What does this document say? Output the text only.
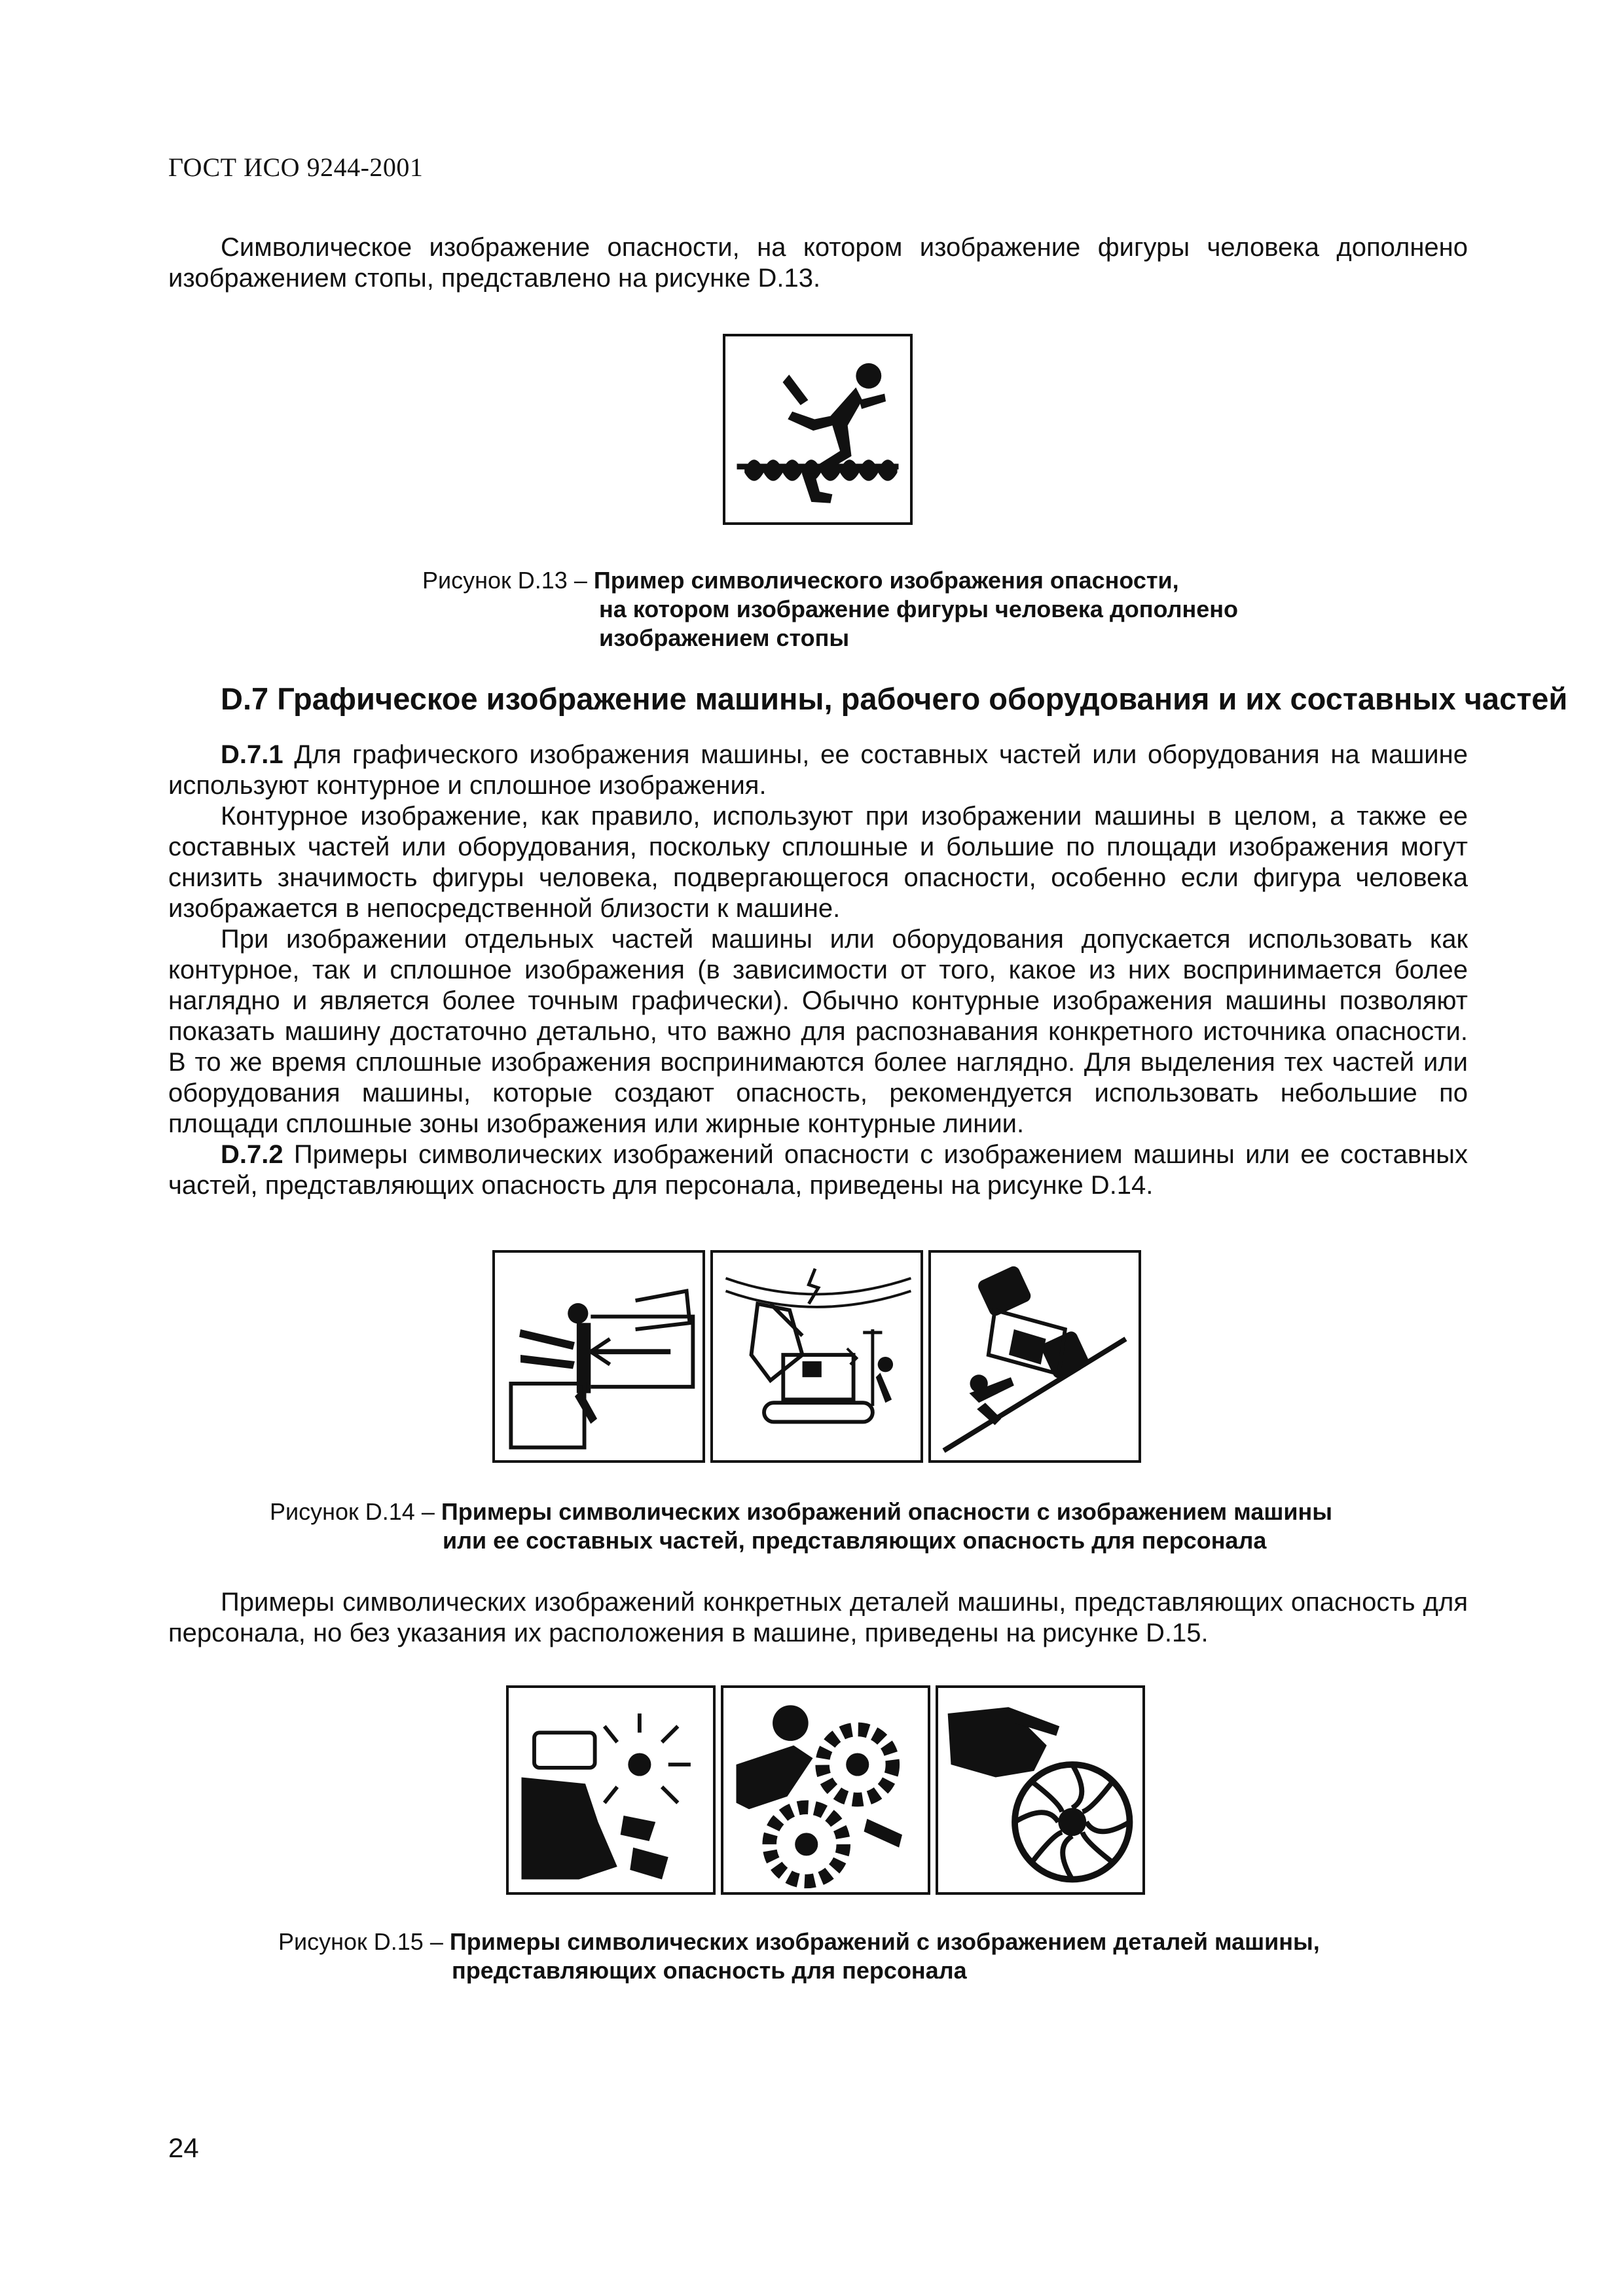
ГОСТ ИСО 9244-2001
Символическое изображение опасности, на котором изображение фигуры человека дополнено изображением стопы, представлено на рисунке D.13.
Рисунок D.13 – Пример символического изображения опасности,
на котором изображение фигуры человека дополнено
изображением стопы
D.7 Графическое изображение машины, рабочего оборудования и их составных частей
D.7.1 Для графического изображения машины, ее составных частей или оборудования на машине используют контурное и сплошное изображения.
Контурное изображение, как правило, используют при изображении машины в целом, а также ее составных частей или оборудования, поскольку сплошные и большие по площади изображения могут снизить значимость фигуры человека, подвергающегося опасности, особенно если фигура человека изображается в непосредственной близости к машине.
При изображении отдельных частей машины или оборудования допускается использовать как контурное, так и сплошное изображения (в зависимости от того, какое из них воспринимается более наглядно и является более точным графически). Обычно контурные изображения машины позволяют показать машину достаточно детально, что важно для распознавания конкретного источника опасности. В то же время сплошные изображения воспринимаются более наглядно. Для выделения тех частей или оборудования машины, которые создают опасность, рекомендуется использовать небольшие по площади сплошные зоны изображения или жирные контурные линии.
D.7.2 Примеры символических изображений опасности с изображением машины или ее составных частей, представляющих опасность для персонала, приведены на рисунке D.14.
Рисунок D.14 – Примеры символических изображений опасности с изображением машины
или ее составных частей, представляющих опасность для персонала
Примеры символических изображений конкретных деталей машины, представляющих опасность для персонала, но без указания их расположения в машине, приведены на рисунке D.15.
Рисунок D.15 – Примеры символических изображений с изображением деталей машины,
представляющих опасность для персонала
24
